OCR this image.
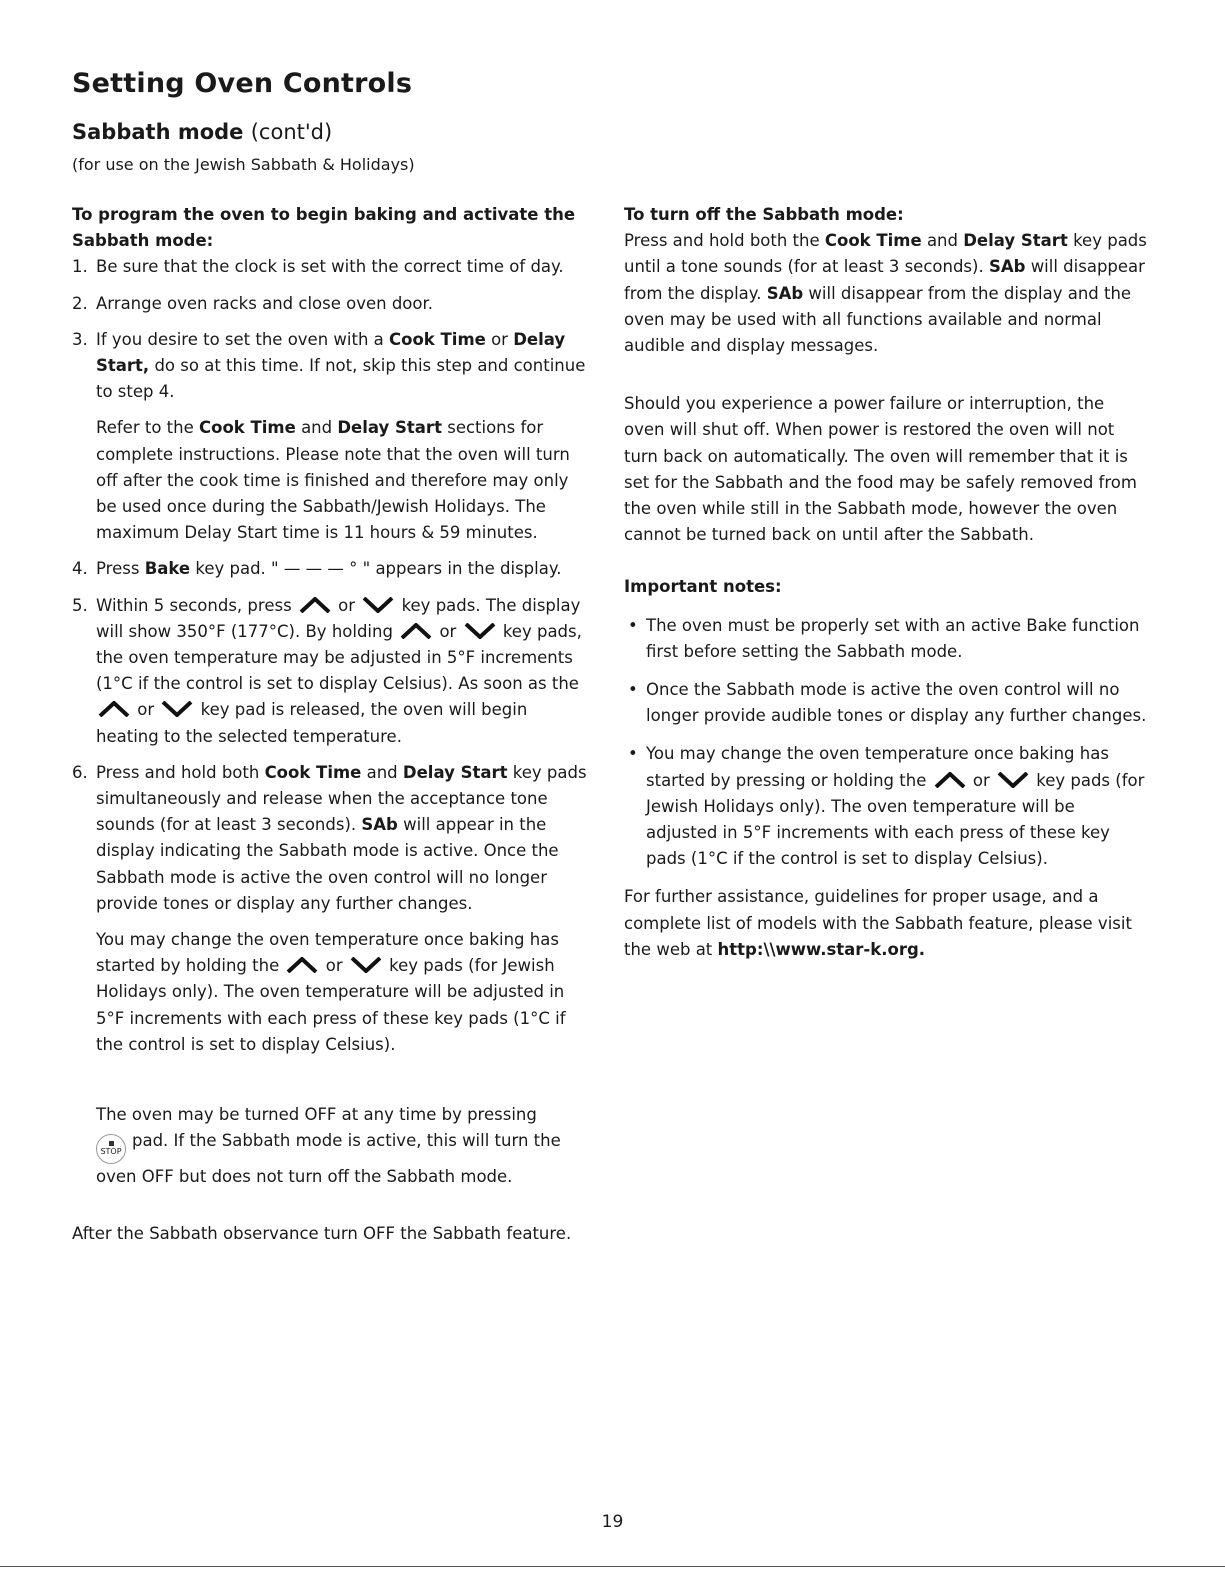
Setting Oven Controls
Sabbath mode (cont'd)

(for use on the Jewish Sabbath & Holidays)

To program the oven to begin baking and activate the Sabbath mode:

1. Be sure that the clock is set with the correct time of day.
2. Arrange oven racks and close oven door.
3. If you desire to set the oven with a Cook Time or Delay Start, do so at this time. If not, skip this step and continue to step 4.

Refer to the Cook Time and Delay Start sections for complete instructions. Please note that the oven will turn off after the cook time is finished and therefore may only be used once during the Sabbath/Jewish Holidays. The maximum Delay Start time is 11 hours & 59 minutes.

4. Press Bake key pad. " — — — ° " appears in the display.
5. Within 5 seconds, press	or	key pads. The display will show 350°F (177°C). By holding	or	key pads, the oven temperature may be adjusted in 5°F increments (1°C if the control is set to display Celsius). As soon as the
or	key pad is released, the oven will begin heating to the selected temperature.
6. Press and hold both Cook Time and Delay Start key pads simultaneously and release when the acceptance tone sounds (for at least 3 seconds). SAb will appear in the display indicating the Sabbath mode is active. Once the Sabbath mode is active the oven control will no longer provide tones or display any further changes.

You may change the oven temperature once baking has started by holding the	or	key pads (for Jewish Holidays only). The oven temperature will be adjusted in 5°F increments with each press of these key pads (1°C if the control is set to display Celsius).

The oven may be turned OFF at any time by pressing

STOPpad. If the Sabbath mode is active, this will turn the oven OFF but does not turn off the Sabbath mode.

After the Sabbath observance turn OFF the Sabbath feature.

To turn off the Sabbath mode:

Press and hold both the Cook Time and Delay Start key pads until a tone sounds (for at least 3 seconds). SAb will disappear from the display. SAb will disappear from the display and the oven may be used with all functions available and normal audible and display messages.

Should you experience a power failure or interruption, the oven will shut off. When power is restored the oven will not turn back on automatically. The oven will remember that it is set for the Sabbath and the food may be safely removed from the oven while still in the Sabbath mode, however the oven cannot be turned back on until after the Sabbath.

Important notes:

• The oven must be properly set with an active Bake function first before setting the Sabbath mode.
• Once the Sabbath mode is active the oven control will no longer provide audible tones or display any further changes.
• You may change the oven temperature once baking has started by pressing or holding the	or	key pads (for Jewish Holidays only). The oven temperature will be adjusted in 5°F increments with each press of these key pads (1°C if the control is set to display Celsius).

For further assistance, guidelines for proper usage, and a complete list of models with the Sabbath feature, please visit the web at http:\\www.star-k.org.

19
